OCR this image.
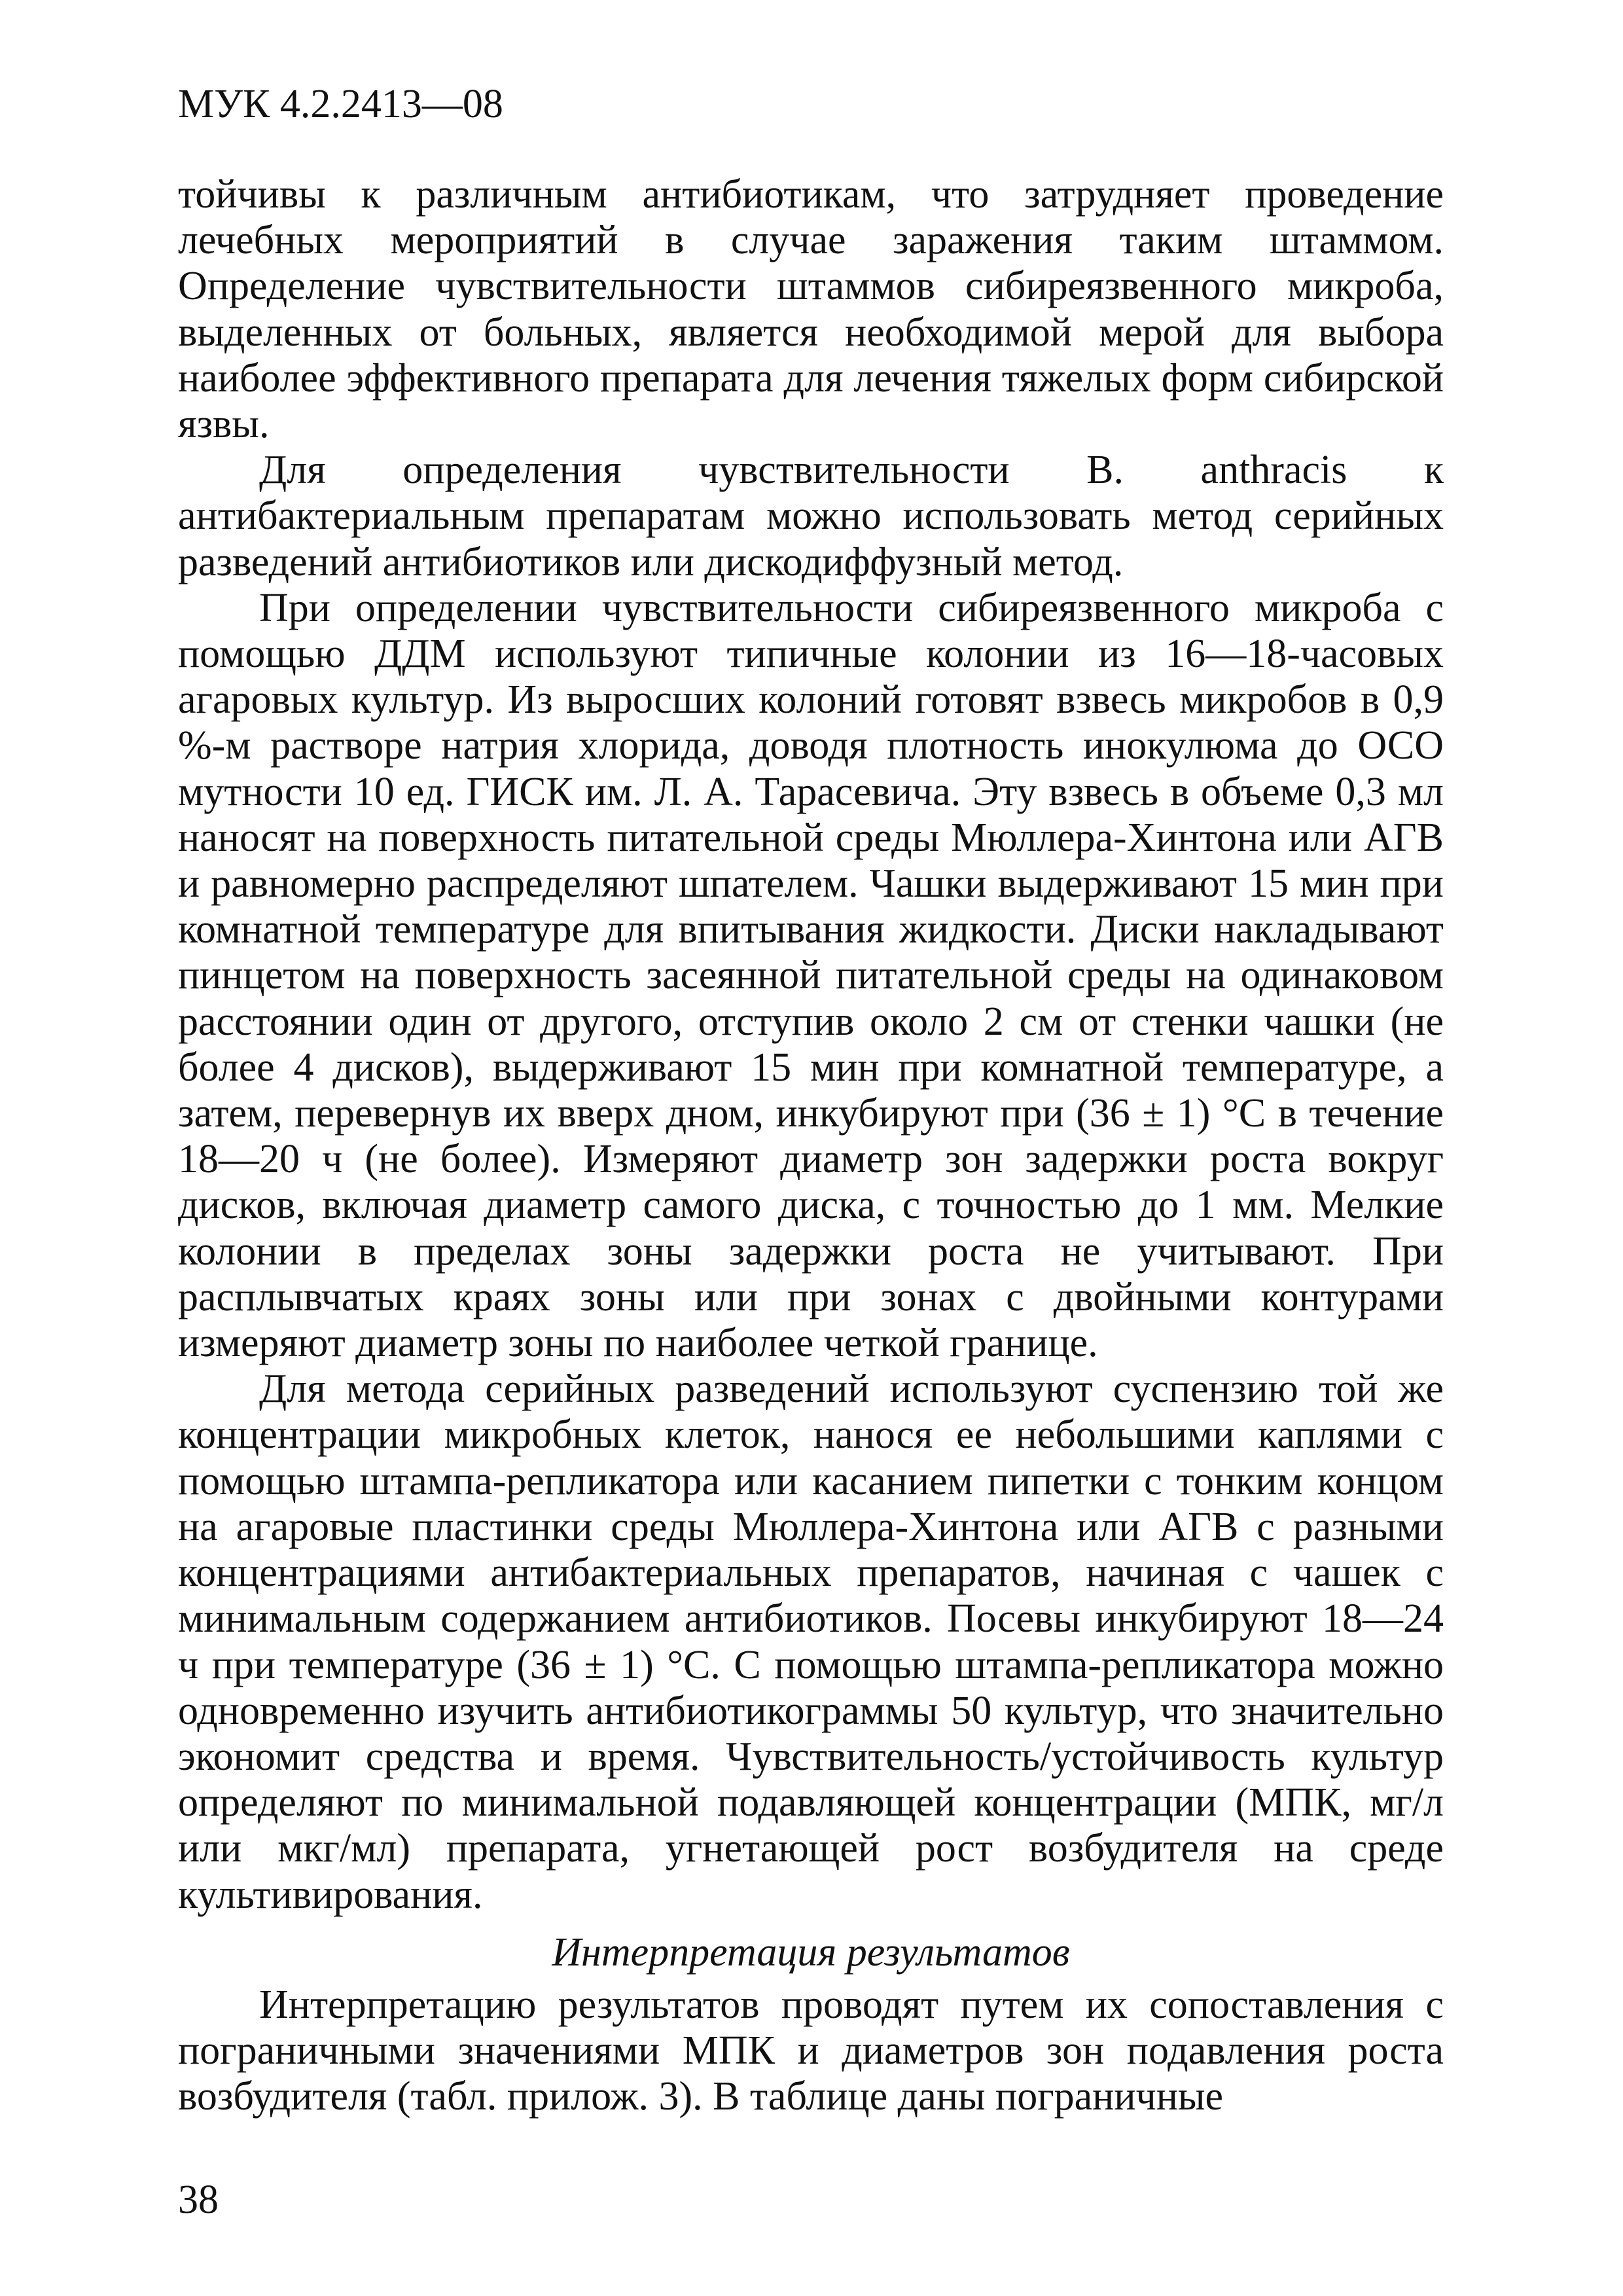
МУК 4.2.2413—08

тойчивы к различным антибиотикам, что затрудняет проведение лечебных мероприятий в случае заражения таким штаммом. Определение чувствительности штаммов сибиреязвенного микроба, выделенных от больных, является необходимой мерой для выбора наиболее эффективного препарата для лечения тяжелых форм сибирской язвы.

Для определения чувствительности B. anthracis к антибактериальным препаратам можно использовать метод серийных разведений антибиотиков или дискодиффузный метод.

При определении чувствительности сибиреязвенного микроба с помощью ДДМ используют типичные колонии из 16—18-часовых агаровых культур. Из выросших колоний готовят взвесь микробов в 0,9 %-м растворе натрия хлорида, доводя плотность инокулюма до ОСО мутности 10 ед. ГИСК им. Л. А. Тарасевича. Эту взвесь в объеме 0,3 мл наносят на поверхность питательной среды Мюллера-Хинтона или АГВ и равномерно распределяют шпателем. Чашки выдерживают 15 мин при комнатной температуре для впитывания жидкости. Диски накладывают пинцетом на поверхность засеянной питательной среды на одинаковом расстоянии один от другого, отступив около 2 см от стенки чашки (не более 4 дисков), выдерживают 15 мин при комнатной температуре, а затем, перевернув их вверх дном, инкубируют при (36 ± 1) °С в течение 18—20 ч (не более). Измеряют диаметр зон задержки роста вокруг дисков, включая диаметр самого диска, с точностью до 1 мм. Мелкие колонии в пределах зоны задержки роста не учитывают. При расплывчатых краях зоны или при зонах с двойными контурами измеряют диаметр зоны по наиболее четкой границе.

Для метода серийных разведений используют суспензию той же концентрации микробных клеток, нанося ее небольшими каплями с помощью штампа-репликатора или касанием пипетки с тонким концом на агаровые пластинки среды Мюллера-Хинтона или АГВ с разными концентрациями антибактериальных препаратов, начиная с чашек с минимальным содержанием антибиотиков. Посевы инкубируют 18—24 ч при температуре (36 ± 1) °С. С помощью штампа-репликатора можно одновременно изучить антибиотикограммы 50 культур, что значительно экономит средства и время. Чувствительность/устойчивость культур определяют по минимальной подавляющей концентрации (МПК, мг/л или мкг/мл) препарата, угнетающей рост возбудителя на среде культивирования.

Интерпретация результатов

Интерпретацию результатов проводят путем их сопоставления с пограничными значениями МПК и диаметров зон подавления роста возбудителя (табл. прилож. 3). В таблице даны пограничные

38
